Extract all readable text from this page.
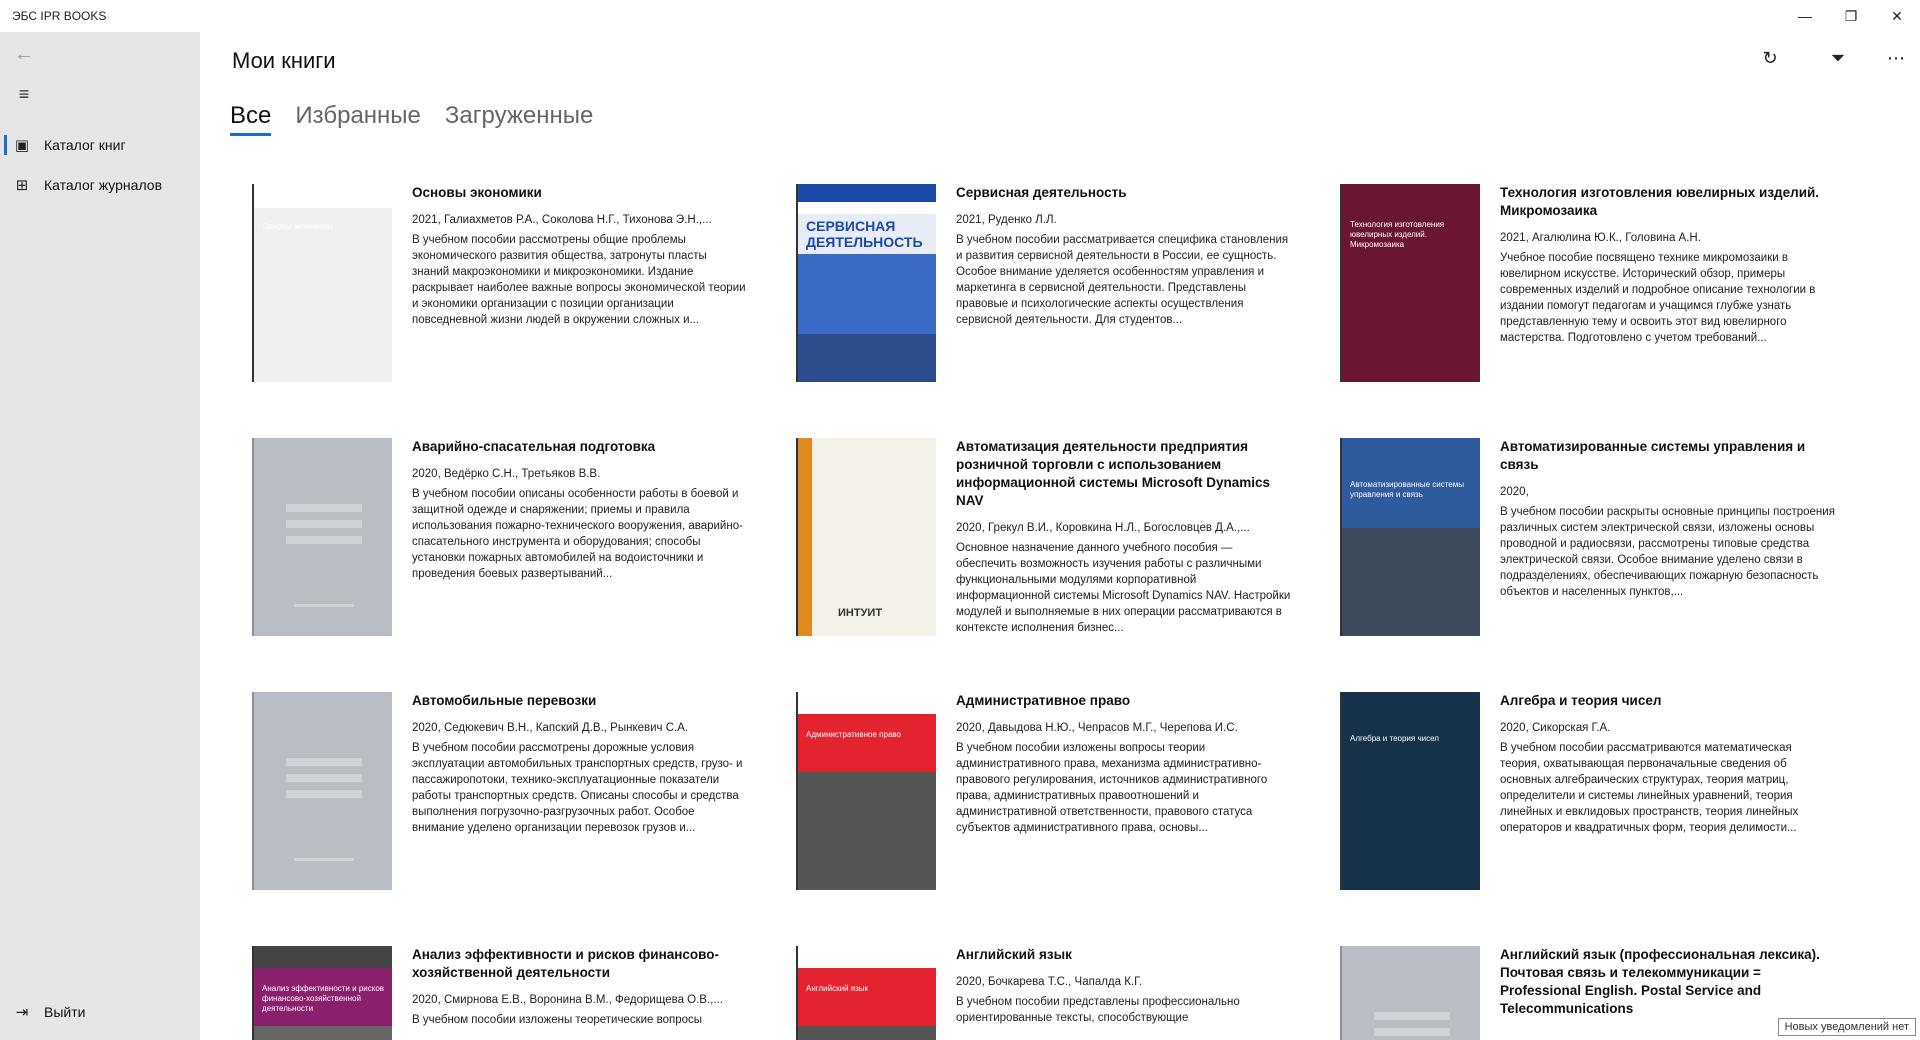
ЭБС IPR BOOKS	—	❐	✕
←
≡
▣	Каталог книг
⊞	Каталог журналов
⇥	Выйти
Мои книги	↻	⏷	⋯
Все Избранные Загруженные
Основы экономики
Основы экономики
2021, Галиахметов Р.А., Соколова Н.Г., Тихонова Э.Н.,...
В учебном пособии рассмотрены общие проблемы экономического развития общества, затронуты пласты знаний макроэкономики и микроэкономики. Издание раскрывает наиболее важные вопросы экономической теории и экономики организации с позиции организации повседневной жизни людей в окружении сложных и...
СЕРВИСНАЯ ДЕЯТЕЛЬНОСТЬ
Сервисная деятельность
2021, Руденко Л.Л.
В учебном пособии рассматривается специфика становления и развития сервисной деятельности в России, ее сущность. Особое внимание уделяется особенностям управления и маркетинга в сервисной деятельности. Представлены правовые и психологические аспекты осуществления сервисной деятельности. Для студентов...
Технология изготовления ювелирных изделий. Микромозаика
Технология изготовления ювелирных изделий. Микромозаика
2021, Агалюлина Ю.К., Головина А.Н.
Учебное пособие посвящено технике микромозаики в ювелирном искусстве. Исторический обзор, примеры современных изделий и подробное описание технологии в издании помогут педагогам и учащимся глубже узнать представленную тему и освоить этот вид ювелирного мастерства. Подготовлено с учетом требований...
Аварийно-спасательная подготовка
2020, Ведёрко С.Н., Третьяков В.В.
В учебном пособии описаны особенности работы в боевой и защитной одежде и снаряжении; приемы и правила использования пожарно-технического вооружения, аварийно-спасательного инструмента и оборудования; способы установки пожарных автомобилей на водоисточники и проведения боевых развертываний...
ИНТУИТ
Автоматизация деятельности предприятия розничной торговли с использованием информационной системы Microsoft Dynamics NAV
2020, Грекул В.И., Коровкина Н.Л., Богословцев Д.А.,...
Основное назначение данного учебного пособия — обеспечить возможность изучения работы с различными функциональными модулями корпоративной информационной системы Microsoft Dynamics NAV. Настройки модулей и выполняемые в них операции рассматриваются в контексте исполнения бизнес...
Автоматизированные системы управления и связь
Автоматизированные системы управления и связь
2020,
В учебном пособии раскрыты основные принципы построения различных систем электрической связи, изложены основы проводной и радиосвязи, рассмотрены типовые средства электрической связи. Особое внимание уделено связи в подразделениях, обеспечивающих пожарную безопасность объектов и населенных пунктов,...
Автомобильные перевозки
2020, Седюкевич В.Н., Капский Д.В., Рынкевич С.А.
В учебном пособии рассмотрены дорожные условия эксплуатации автомобильных транспортных средств, грузо- и пассажиропотоки, технико-эксплуатационные показатели работы транспортных средств. Описаны способы и средства выполнения погрузочно-разгрузочных работ. Особое внимание уделено организации перевозок грузов и...
Административное право
Административное право
2020, Давыдова Н.Ю., Чепрасов М.Г., Черепова И.С.
В учебном пособии изложены вопросы теории административного права, механизма административно-правового регулирования, источников административного права, административных правоотношений и административной ответственности, правового статуса субъектов административного права, основы...
Алгебра и теория чисел
Алгебра и теория чисел
2020, Сикорская Г.А.
В учебном пособии рассматриваются математическая теория, охватывающая первоначальные сведения об основных алгебраических структурах, теория матриц, определители и системы линейных уравнений, теория линейных и евклидовых пространств, теория линейных операторов и квадратичных форм, теория делимости...
Анализ эффективности и рисков финансово-хозяйственной деятельности
Анализ эффективности и рисков финансово-хозяйственной деятельности
2020, Смирнова Е.В., Воронина В.М., Федорищева О.В.,...
В учебном пособии изложены теоретические вопросы
Английский язык
Английский язык
2020, Бочкарева Т.С., Чапалда К.Г.
В учебном пособии представлены профессионально ориентированные тексты, способствующие
Английский язык (профессиональная лексика). Почтовая связь и телекоммуникации = Professional English. Postal Service and Telecommunications
Новых уведомлений нет
